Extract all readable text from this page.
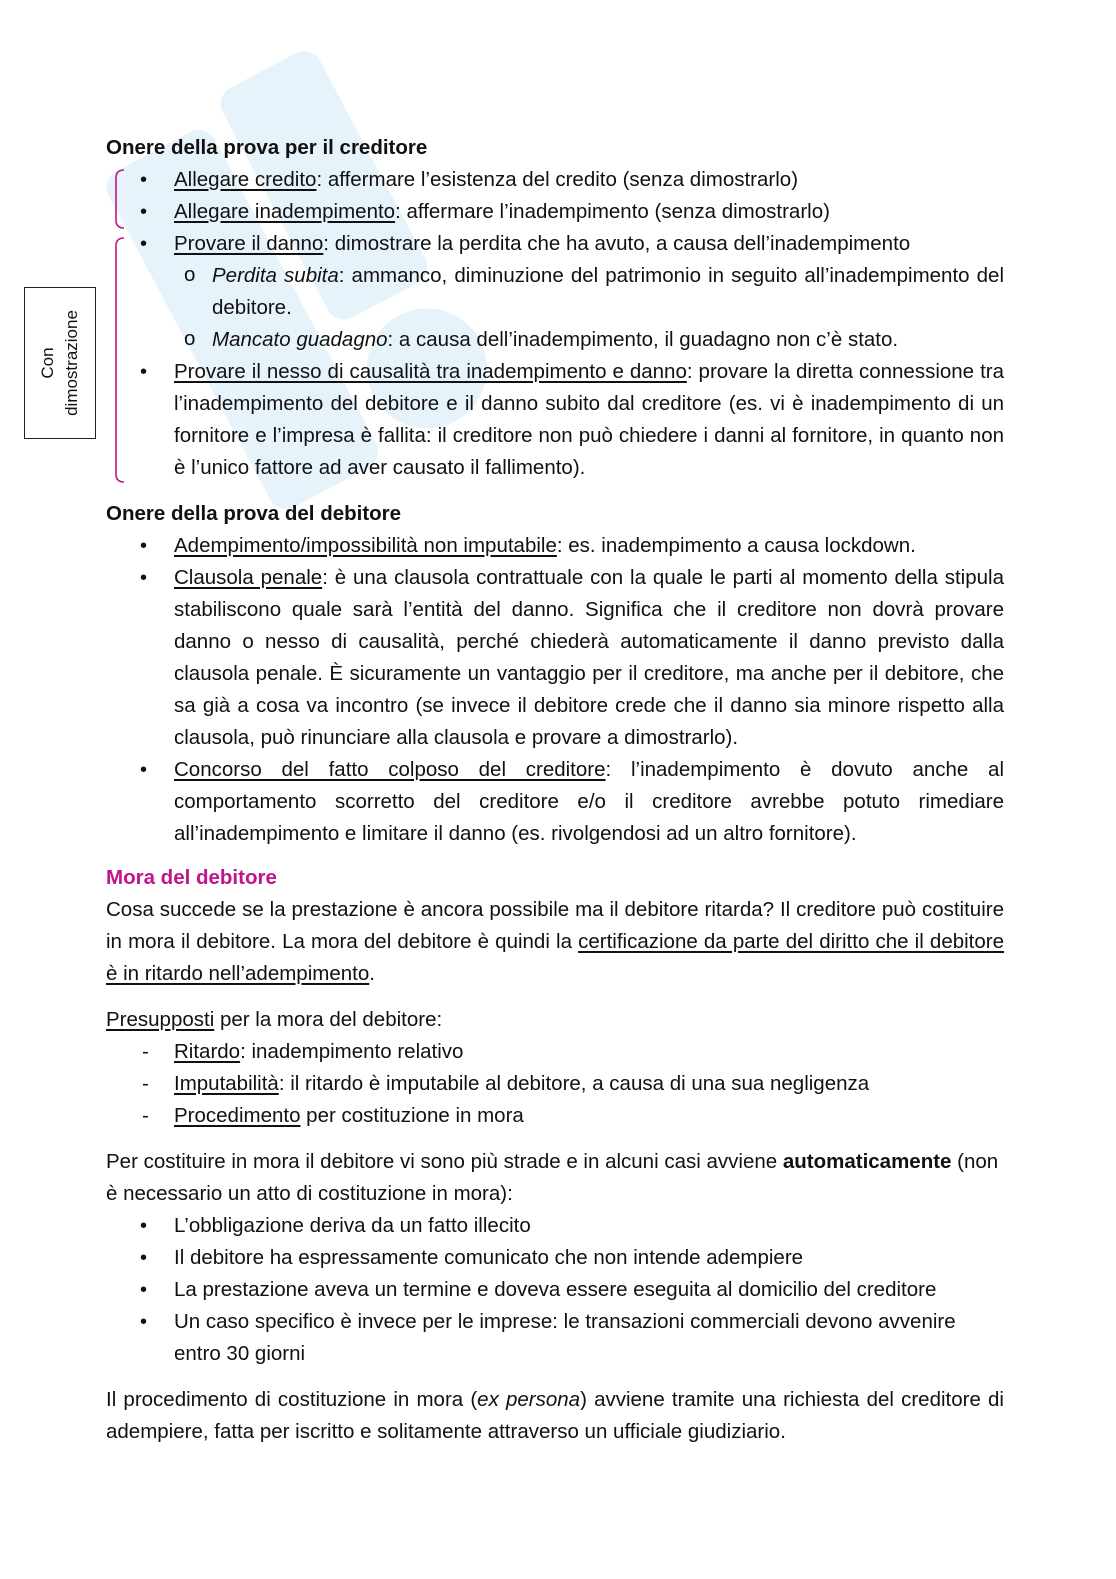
Con dimostrazione
Onere della prova per il creditore
• Allegare credito: affermare l’esistenza del credito (senza dimostrarlo)
• Allegare inadempimento: affermare l’inadempimento (senza dimostrarlo)
• Provare il danno: dimostrare la perdita che ha avuto, a causa dell’inadempimento
o Perdita subita: ammanco, diminuzione del patrimonio in seguito all’inadempimento del debitore.
o Mancato guadagno: a causa dell’inadempimento, il guadagno non c’è stato.
• Provare il nesso di causalità tra inadempimento e danno: provare la diretta connessione tra l’inadempimento del debitore e il danno subito dal creditore (es. vi è inadempimento di un fornitore e l’impresa è fallita: il creditore non può chiedere i danni al fornitore, in quanto non è l’unico fattore ad aver causato il fallimento).
Onere della prova del debitore
• Adempimento/impossibilità non imputabile: es. inadempimento a causa lockdown.
• Clausola penale: è una clausola contrattuale con la quale le parti al momento della stipula stabiliscono quale sarà l’entità del danno. Significa che il creditore non dovrà provare danno o nesso di causalità, perché chiederà automaticamente il danno previsto dalla clausola penale. È sicuramente un vantaggio per il creditore, ma anche per il debitore, che sa già a cosa va incontro (se invece il debitore crede che il danno sia minore rispetto alla clausola, può rinunciare alla clausola e provare a dimostrarlo).
• Concorso del fatto colposo del creditore: l’inadempimento è dovuto anche al comportamento scorretto del creditore e/o il creditore avrebbe potuto rimediare all’inadempimento e limitare il danno (es. rivolgendosi ad un altro fornitore).
Mora del debitore

Cosa succede se la prestazione è ancora possibile ma il debitore ritarda? Il creditore può costituire in mora il debitore. La mora del debitore è quindi la certificazione da parte del diritto che il debitore è in ritardo nell’adempimento.

Presupposti per la mora del debitore:

- Ritardo: inadempimento relativo
- Imputabilità: il ritardo è imputabile al debitore, a causa di una sua negligenza
- Procedimento per costituzione in mora

Per costituire in mora il debitore vi sono più strade e in alcuni casi avviene automaticamente (non è necessario un atto di costituzione in mora):

• L’obbligazione deriva da un fatto illecito
• Il debitore ha espressamente comunicato che non intende adempiere
• La prestazione aveva un termine e doveva essere eseguita al domicilio del creditore
• Un caso specifico è invece per le imprese: le transazioni commerciali devono avvenire entro 30 giorni

Il procedimento di costituzione in mora (ex persona) avviene tramite una richiesta del creditore di adempiere, fatta per iscritto e solitamente attraverso un ufficiale giudiziario.
